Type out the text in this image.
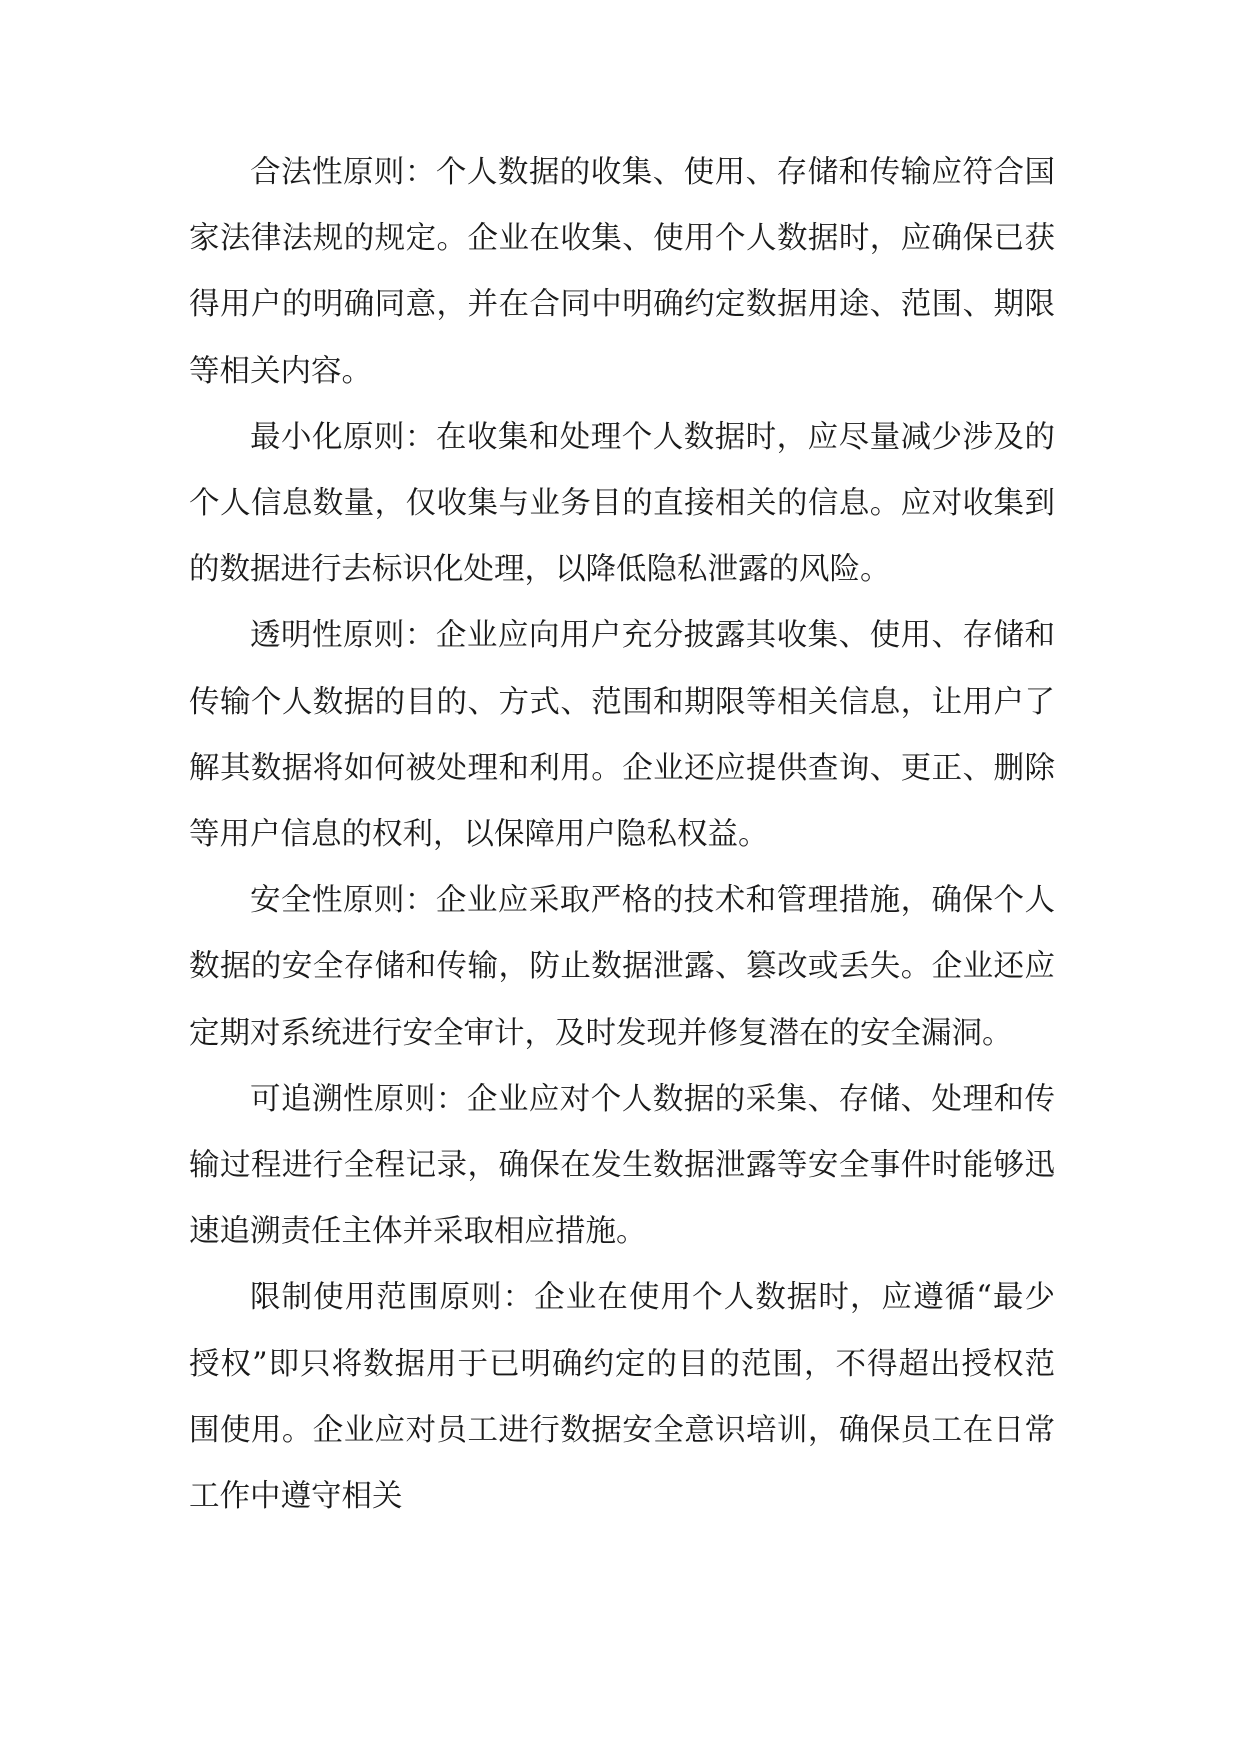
合法性原则：个人数据的收集、使用、存储和传输应符合国家法律法规的规定。企业在收集、使用个人数据时，应确保已获得用户的明确同意，并在合同中明确约定数据用途、范围、期限等相关内容。

最小化原则：在收集和处理个人数据时，应尽量减少涉及的个人信息数量，仅收集与业务目的直接相关的信息。应对收集到的数据进行去标识化处理，以降低隐私泄露的风险。

透明性原则：企业应向用户充分披露其收集、使用、存储和传输个人数据的目的、方式、范围和期限等相关信息，让用户了解其数据将如何被处理和利用。企业还应提供查询、更正、删除等用户信息的权利，以保障用户隐私权益。

安全性原则：企业应采取严格的技术和管理措施，确保个人数据的安全存储和传输，防止数据泄露、篡改或丢失。企业还应定期对系统进行安全审计，及时发现并修复潜在的安全漏洞。

可追溯性原则：企业应对个人数据的采集、存储、处理和传输过程进行全程记录，确保在发生数据泄露等安全事件时能够迅速追溯责任主体并采取相应措施。

限制使用范围原则：企业在使用个人数据时，应遵循“最少授权”即只将数据用于已明确约定的目的范围，不得超出授权范围使用。企业应对员工进行数据安全意识培训，确保员工在日常工作中遵守相关
